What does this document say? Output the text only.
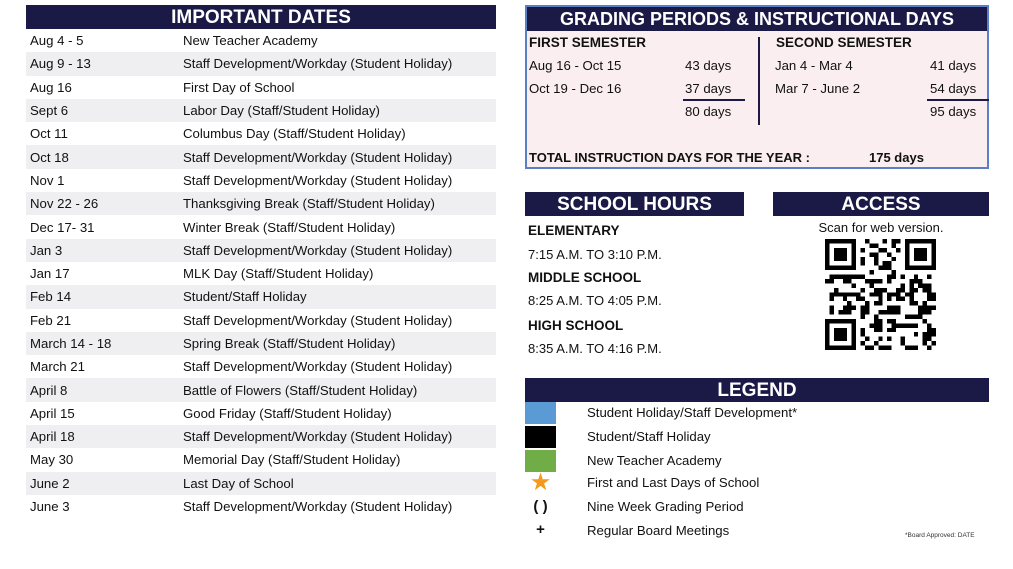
IMPORTANT DATES
Aug 4 - 5	New Teacher Academy
Aug 9 - 13	Staff Development/Workday (Student Holiday)
Aug 16	First Day of School
Sept 6	Labor Day (Staff/Student Holiday)
Oct 11	Columbus Day (Staff/Student Holiday)
Oct 18	Staff Development/Workday (Student Holiday)
Nov 1	Staff Development/Workday (Student Holiday)
Nov 22 - 26	Thanksgiving Break (Staff/Student Holiday)
Dec 17- 31	Winter Break (Staff/Student Holiday)
Jan 3	Staff Development/Workday (Student Holiday)
Jan 17	MLK Day (Staff/Student Holiday)
Feb 14	Student/Staff Holiday
Feb 21	Staff Development/Workday (Student Holiday)
March 14 - 18	Spring Break (Staff/Student Holiday)
March 21	Staff Development/Workday (Student Holiday)
April 8	Battle of Flowers (Staff/Student Holiday)
April 15	Good Friday (Staff/Student Holiday)
April 18	Staff Development/Workday (Student Holiday)
May 30	Memorial Day (Staff/Student Holiday)
June 2	Last Day of School
June 3	Staff Development/Workday (Student Holiday)
GRADING PERIODS & INSTRUCTIONAL DAYS
FIRST SEMESTER
Aug 16 - Oct 15	43 days
Oct 19 - Dec 16	37 days
80 days
SECOND SEMESTER
Jan 4 - Mar 4	41 days
Mar 7 - June 2	54 days
95 days
TOTAL INSTRUCTION DAYS FOR THE YEAR :	175 days
SCHOOL HOURS
ELEMENTARY
7:15 A.M. TO 3:10 P.M.
MIDDLE SCHOOL
8:25 A.M. TO 4:05 P.M.
HIGH SCHOOL
8:35 A.M. TO 4:16 P.M.
ACCESS
Scan for web version.
LEGEND
Student Holiday/Staff Development*
Student/Staff Holiday
New Teacher Academy
★	First and Last Days of School
( )	Nine Week Grading Period
+	Regular Board Meetings	*Board Approved: DATE
